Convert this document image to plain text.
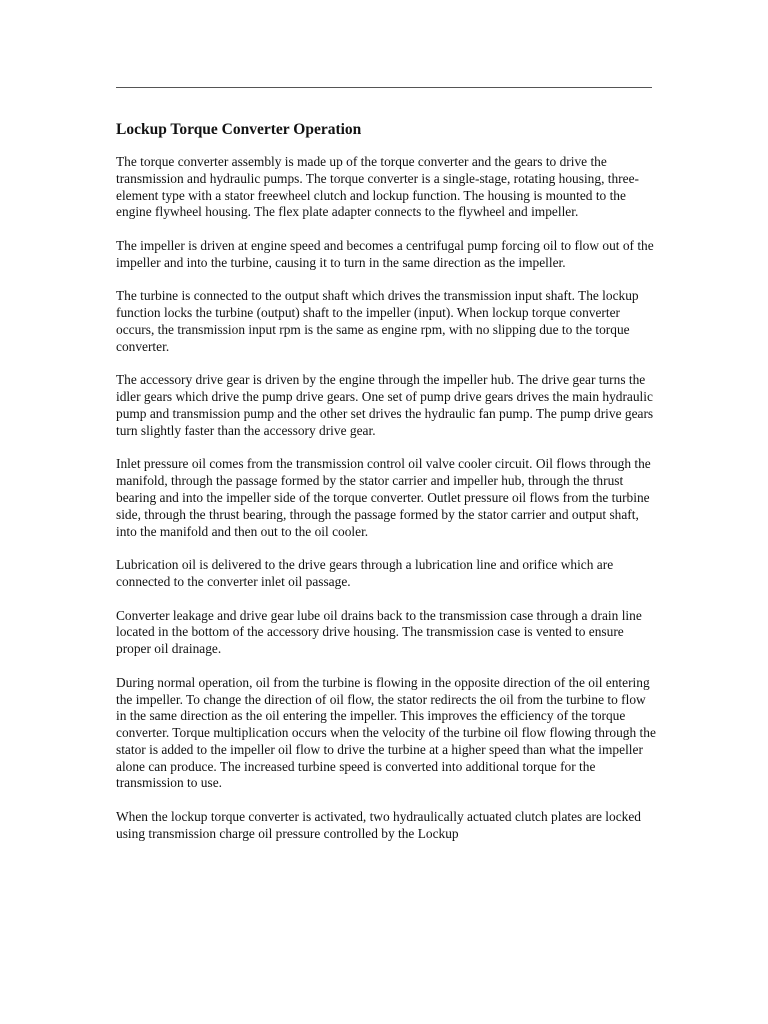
Lockup Torque Converter Operation

The torque converter assembly is made up of the torque converter and the gears to drive the transmission and hydraulic pumps. The torque converter is a single-stage, rotating housing, three-element type with a stator freewheel clutch and lockup function. The housing is mounted to the engine flywheel housing. The flex plate adapter connects to the flywheel and impeller.

The impeller is driven at engine speed and becomes a centrifugal pump forcing oil to flow out of the impeller and into the turbine, causing it to turn in the same direction as the impeller.

The turbine is connected to the output shaft which drives the transmission input shaft. The lockup function locks the turbine (output) shaft to the impeller (input). When lockup torque converter occurs, the transmission input rpm is the same as engine rpm, with no slipping due to the torque converter.

The accessory drive gear is driven by the engine through the impeller hub. The drive gear turns the idler gears which drive the pump drive gears. One set of pump drive gears drives the main hydraulic pump and transmission pump and the other set drives the hydraulic fan pump. The pump drive gears turn slightly faster than the accessory drive gear.

Inlet pressure oil comes from the transmission control oil valve cooler circuit. Oil flows through the manifold, through the passage formed by the stator carrier and impeller hub, through the thrust bearing and into the impeller side of the torque converter. Outlet pressure oil flows from the turbine side, through the thrust bearing, through the passage formed by the stator carrier and output shaft, into the manifold and then out to the oil cooler.

Lubrication oil is delivered to the drive gears through a lubrication line and orifice which are connected to the converter inlet oil passage.

Converter leakage and drive gear lube oil drains back to the transmission case through a drain line located in the bottom of the accessory drive housing. The transmission case is vented to ensure proper oil drainage.

During normal operation, oil from the turbine is flowing in the opposite direction of the oil entering the impeller. To change the direction of oil flow, the stator redirects the oil from the turbine to flow in the same direction as the oil entering the impeller. This improves the efficiency of the torque converter. Torque multiplication occurs when the velocity of the turbine oil flow flowing through the stator is added to the impeller oil flow to drive the turbine at a higher speed than what the impeller alone can produce. The increased turbine speed is converted into additional torque for the transmission to use.

When the lockup torque converter is activated, two hydraulically actuated clutch plates are locked using transmission charge oil pressure controlled by the Lockup
